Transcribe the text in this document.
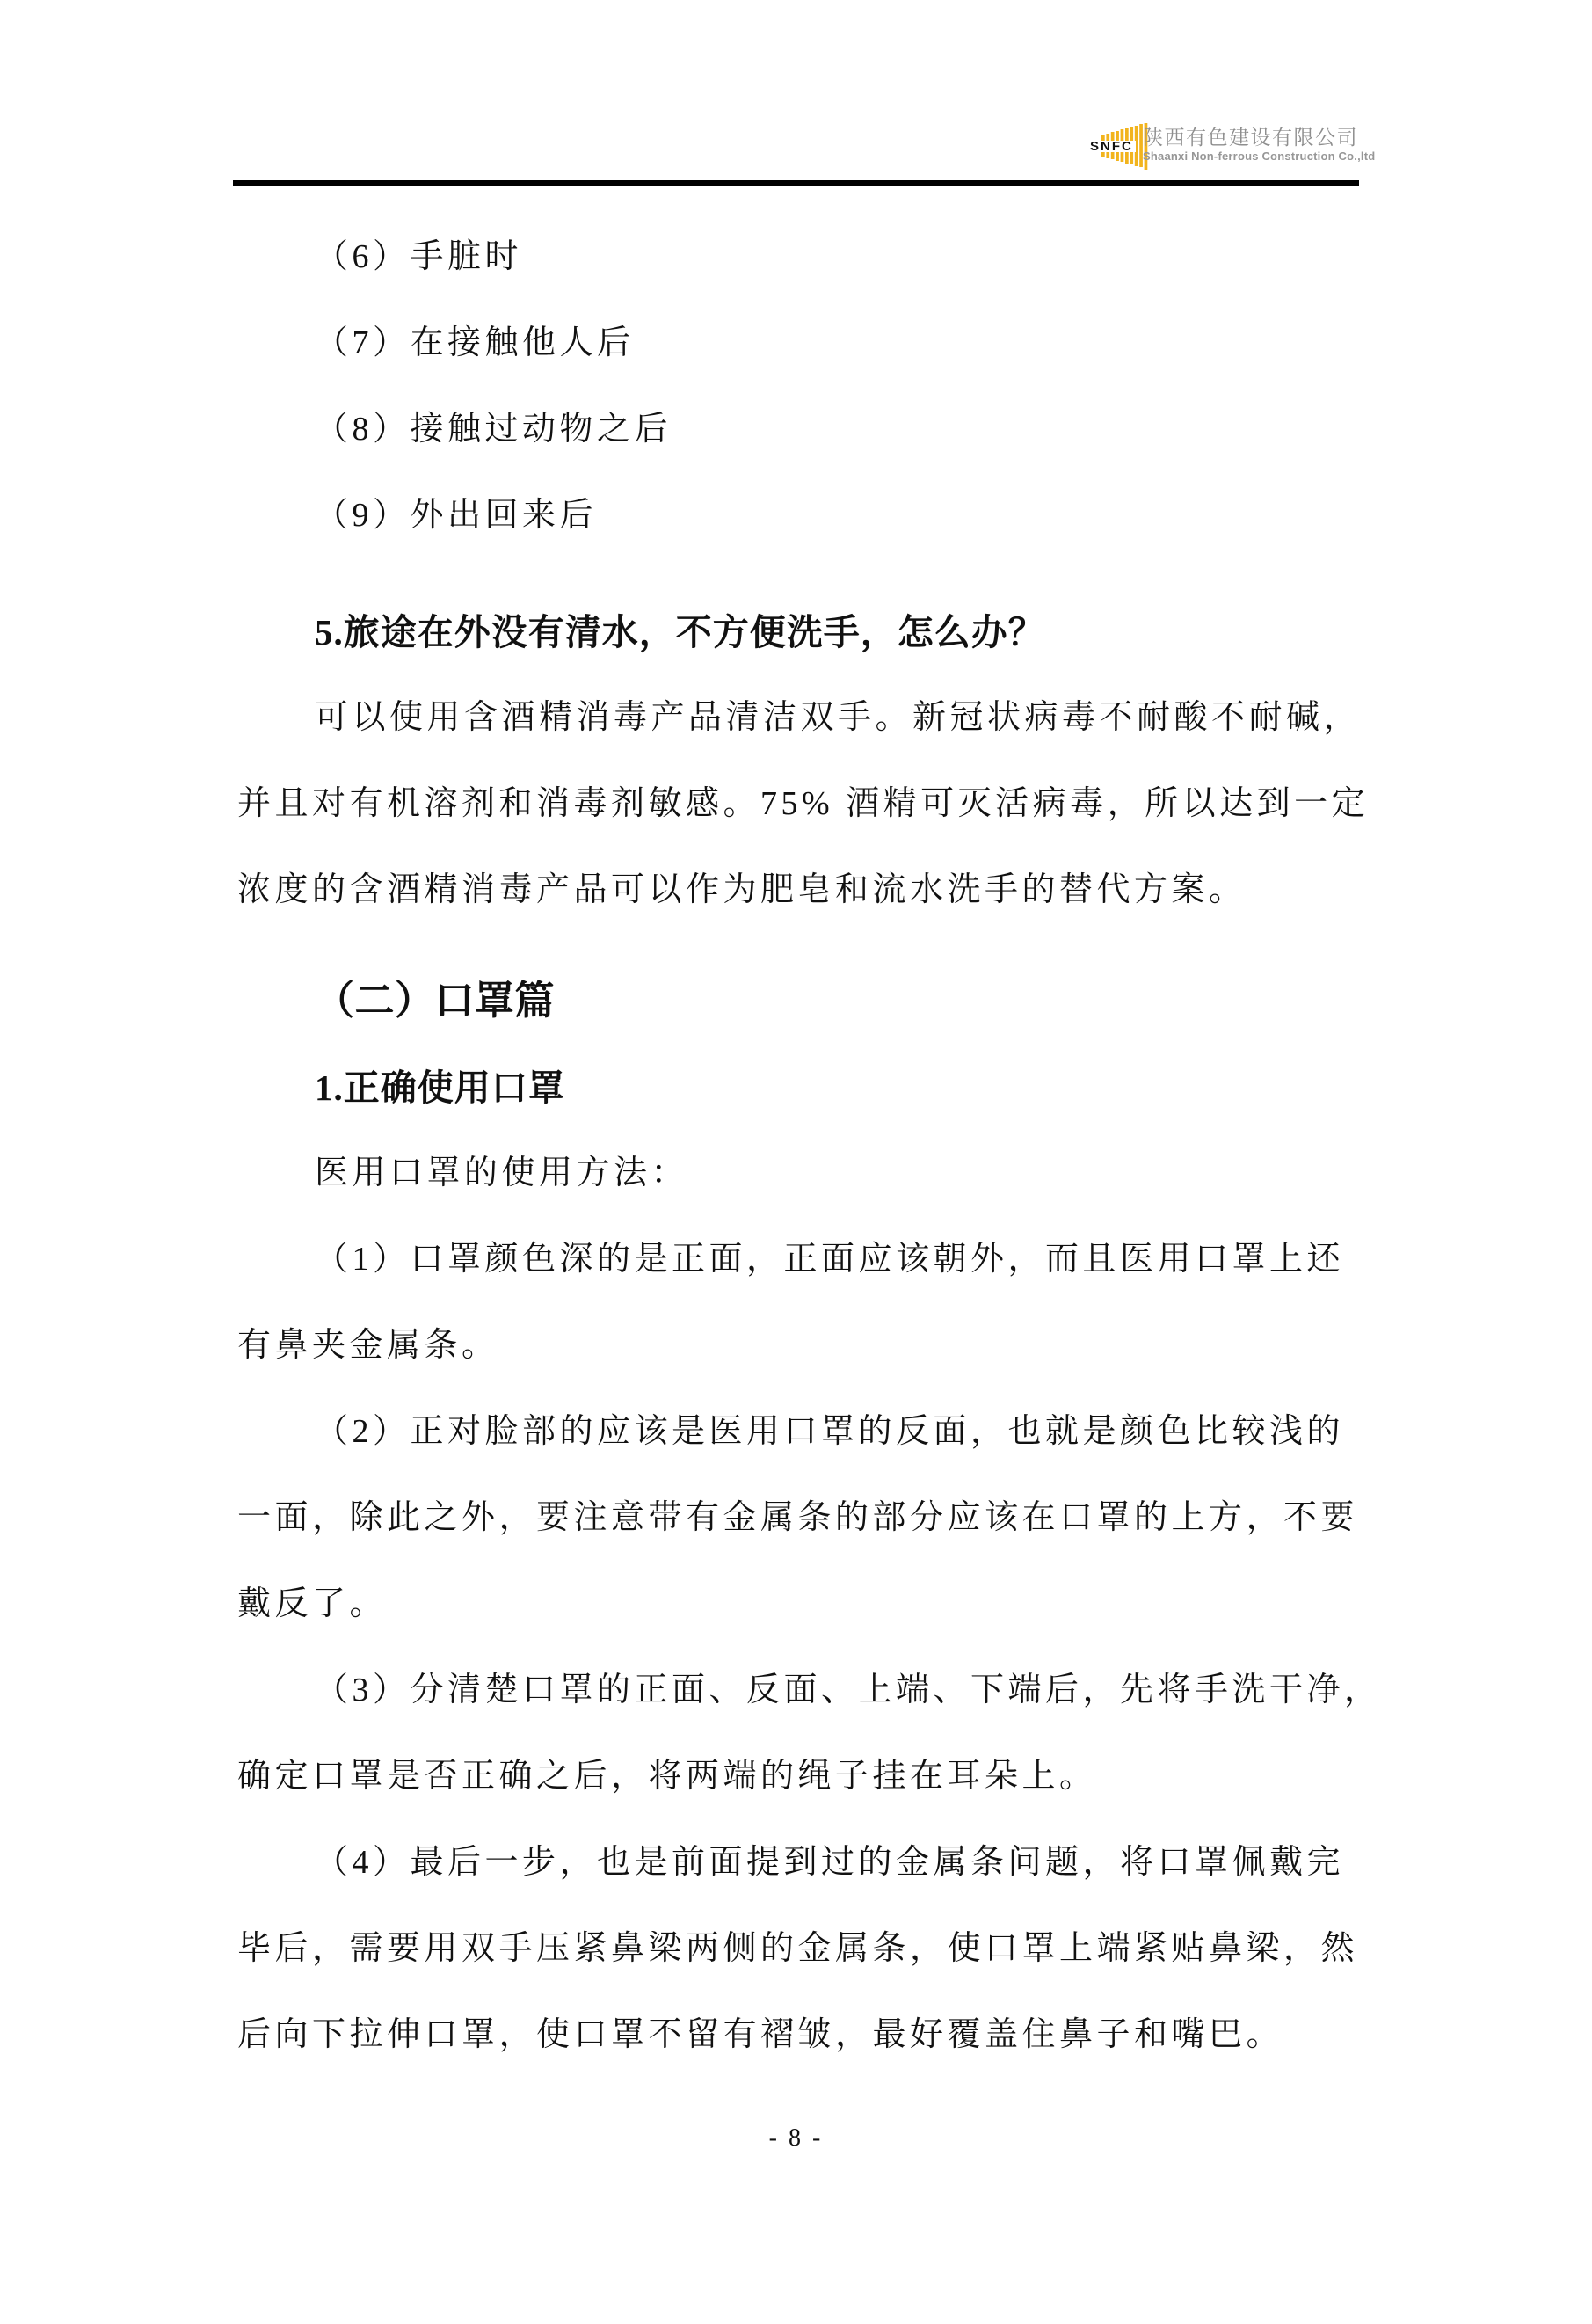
SNFC 陕西有色建设有限公司
Shaanxi Non-ferrous Construction Co.,ltd
（6）手脏时
（7）在接触他人后
（8）接触过动物之后
（9）外出回来后
5.旅途在外没有清水，不方便洗手，怎么办？
可以使用含酒精消毒产品清洁双手。新冠状病毒不耐酸不耐碱，
并且对有机溶剂和消毒剂敏感。75% 酒精可灭活病毒，所以达到一定
浓度的含酒精消毒产品可以作为肥皂和流水洗手的替代方案。
（二）口罩篇
1.正确使用口罩
医用口罩的使用方法：
（1）口罩颜色深的是正面，正面应该朝外，而且医用口罩上还
有鼻夹金属条。
（2）正对脸部的应该是医用口罩的反面，也就是颜色比较浅的
一面，除此之外，要注意带有金属条的部分应该在口罩的上方，不要
戴反了。
（3）分清楚口罩的正面、反面、上端、下端后，先将手洗干净，
确定口罩是否正确之后，将两端的绳子挂在耳朵上。
（4）最后一步，也是前面提到过的金属条问题，将口罩佩戴完
毕后，需要用双手压紧鼻梁两侧的金属条，使口罩上端紧贴鼻梁，然
后向下拉伸口罩，使口罩不留有褶皱，最好覆盖住鼻子和嘴巴。
- 8 -
